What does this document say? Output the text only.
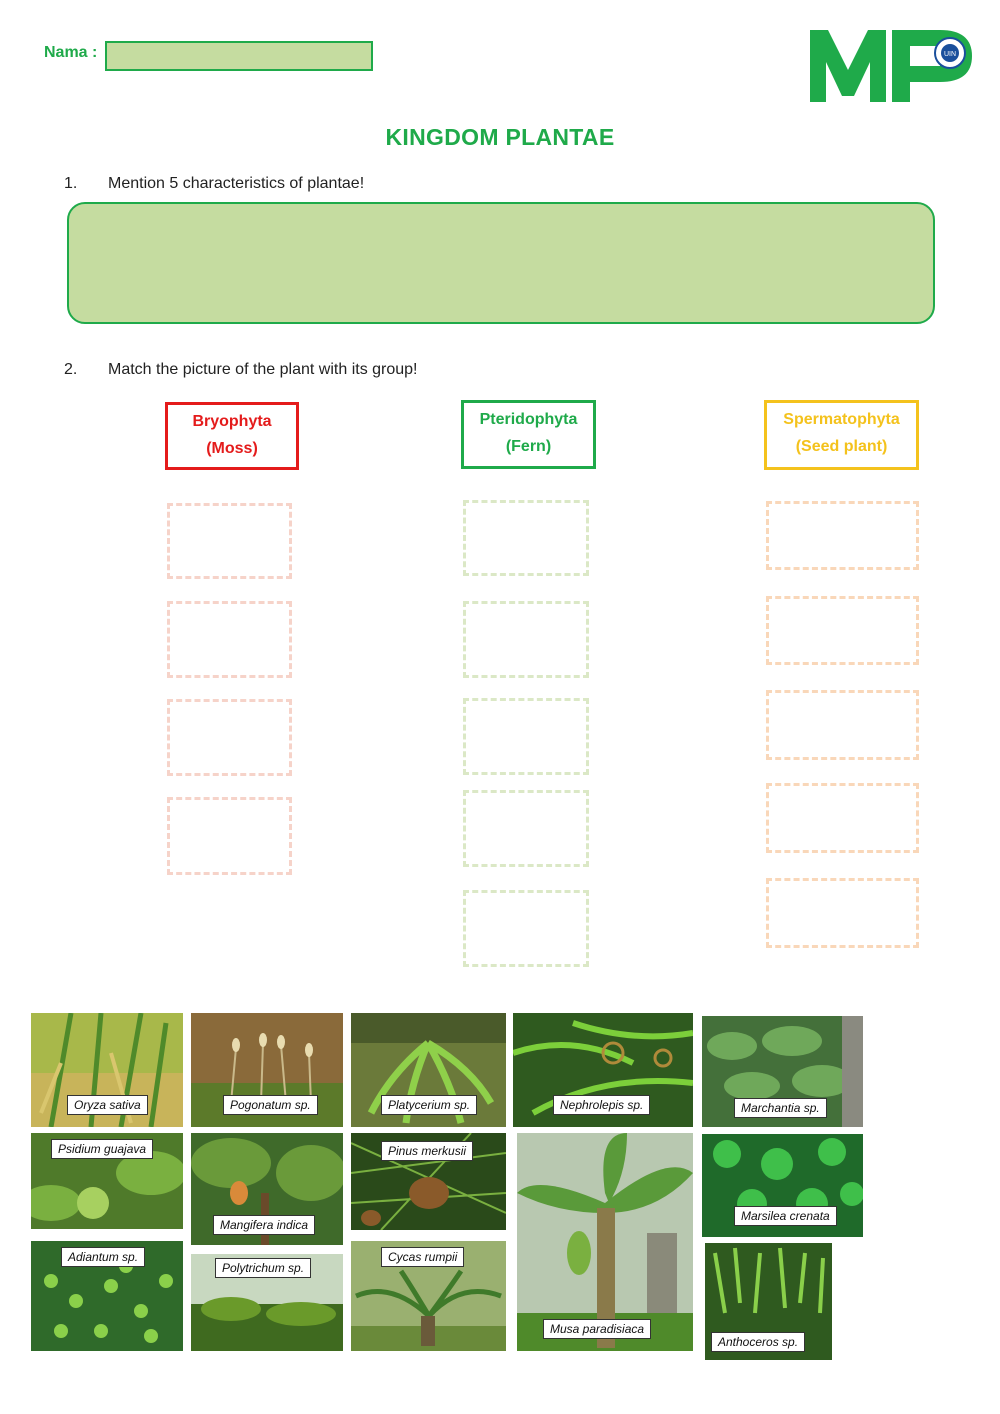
Nama :	UIN
KINGDOM PLANTAE
1. Mention 5 characteristics of plantae!
2. Match the picture of the plant with its group!
Bryophyta
(Moss)
Pteridophyta
(Fern)
Spermatophyta
(Seed plant)
Oryza sativa	Pogonatum sp.	Platycerium sp.	Nephrolepis sp.	Marchantia sp.
Psidium guajava
Mangifera indica
Pinus merkusii
Marsilea crenata
Musa paradisiaca
Adiantum sp.
Polytrichum sp.
Cycas rumpii
Anthoceros sp.
